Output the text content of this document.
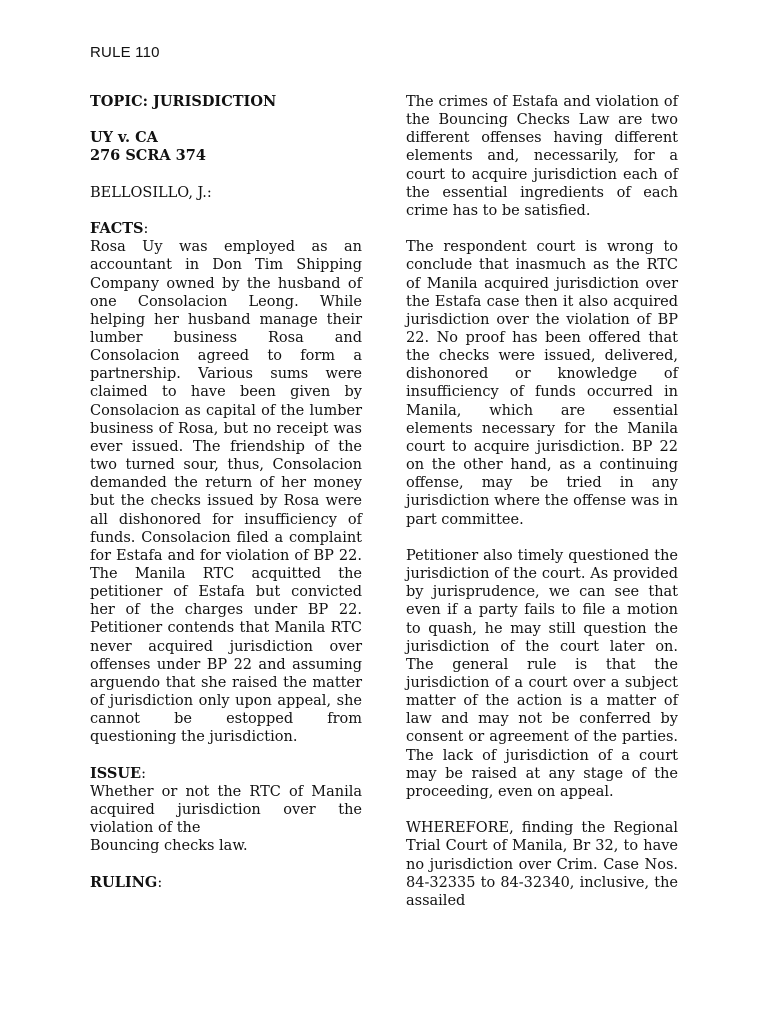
RULE 110

TOPIC: JURISDICTION

UY v. CA

276 SCRA 374

BELLOSILLO, J.:

FACTS:

Rosa Uy was employed as an accountant in Don Tim Shipping Company owned by the husband of one Consolacion Leong. While helping her husband manage their lumber business Rosa and Consolacion agreed to form a partnership. Various sums were claimed to have been given by Consolacion as capital of the lumber business of Rosa, but no receipt was ever issued. The friendship of the two turned sour, thus, Consolacion demanded the return of her money but the checks issued by Rosa were all dishonored for insufficiency of funds. Consolacion filed a complaint for Estafa and for violation of BP 22. The Manila RTC acquitted the petitioner of Estafa but convicted her of the charges under BP 22. Petitioner contends that Manila RTC never acquired jurisdiction over offenses under BP 22 and assuming arguendo that she raised the matter of jurisdiction only upon appeal, she cannot be estopped from questioning the jurisdiction.

ISSUE:

Whether or not the RTC of Manila acquired jurisdiction over the violation of the

Bouncing checks law.

RULING:

The crimes of Estafa and violation of the Bouncing Checks Law are two different offenses having different elements and, necessarily, for a court to acquire jurisdiction each of the essential ingredients of each crime has to be satisfied.

The respondent court is wrong to conclude that inasmuch as the RTC of Manila acquired jurisdiction over the Estafa case then it also acquired jurisdiction over the violation of BP 22. No proof has been offered that the checks were issued, delivered, dishonored or knowledge of insufficiency of funds occurred in Manila, which are essential elements necessary for the Manila court to acquire jurisdiction. BP 22 on the other hand, as a continuing offense, may be tried in any jurisdiction where the offense was in part committee.

Petitioner also timely questioned the jurisdiction of the court. As provided by jurisprudence, we can see that even if a party fails to file a motion to quash, he may still question the jurisdiction of the court later on. The general rule is that the jurisdiction of a court over a subject matter of the action is a matter of law and may not be conferred by consent or agreement of the parties. The lack of jurisdiction of a court may be raised at any stage of the proceeding, even on appeal.

WHEREFORE, finding the Regional Trial Court of Manila, Br 32, to have no jurisdiction over Crim. Case Nos. 84-32335 to 84-32340, inclusive, the assailed
